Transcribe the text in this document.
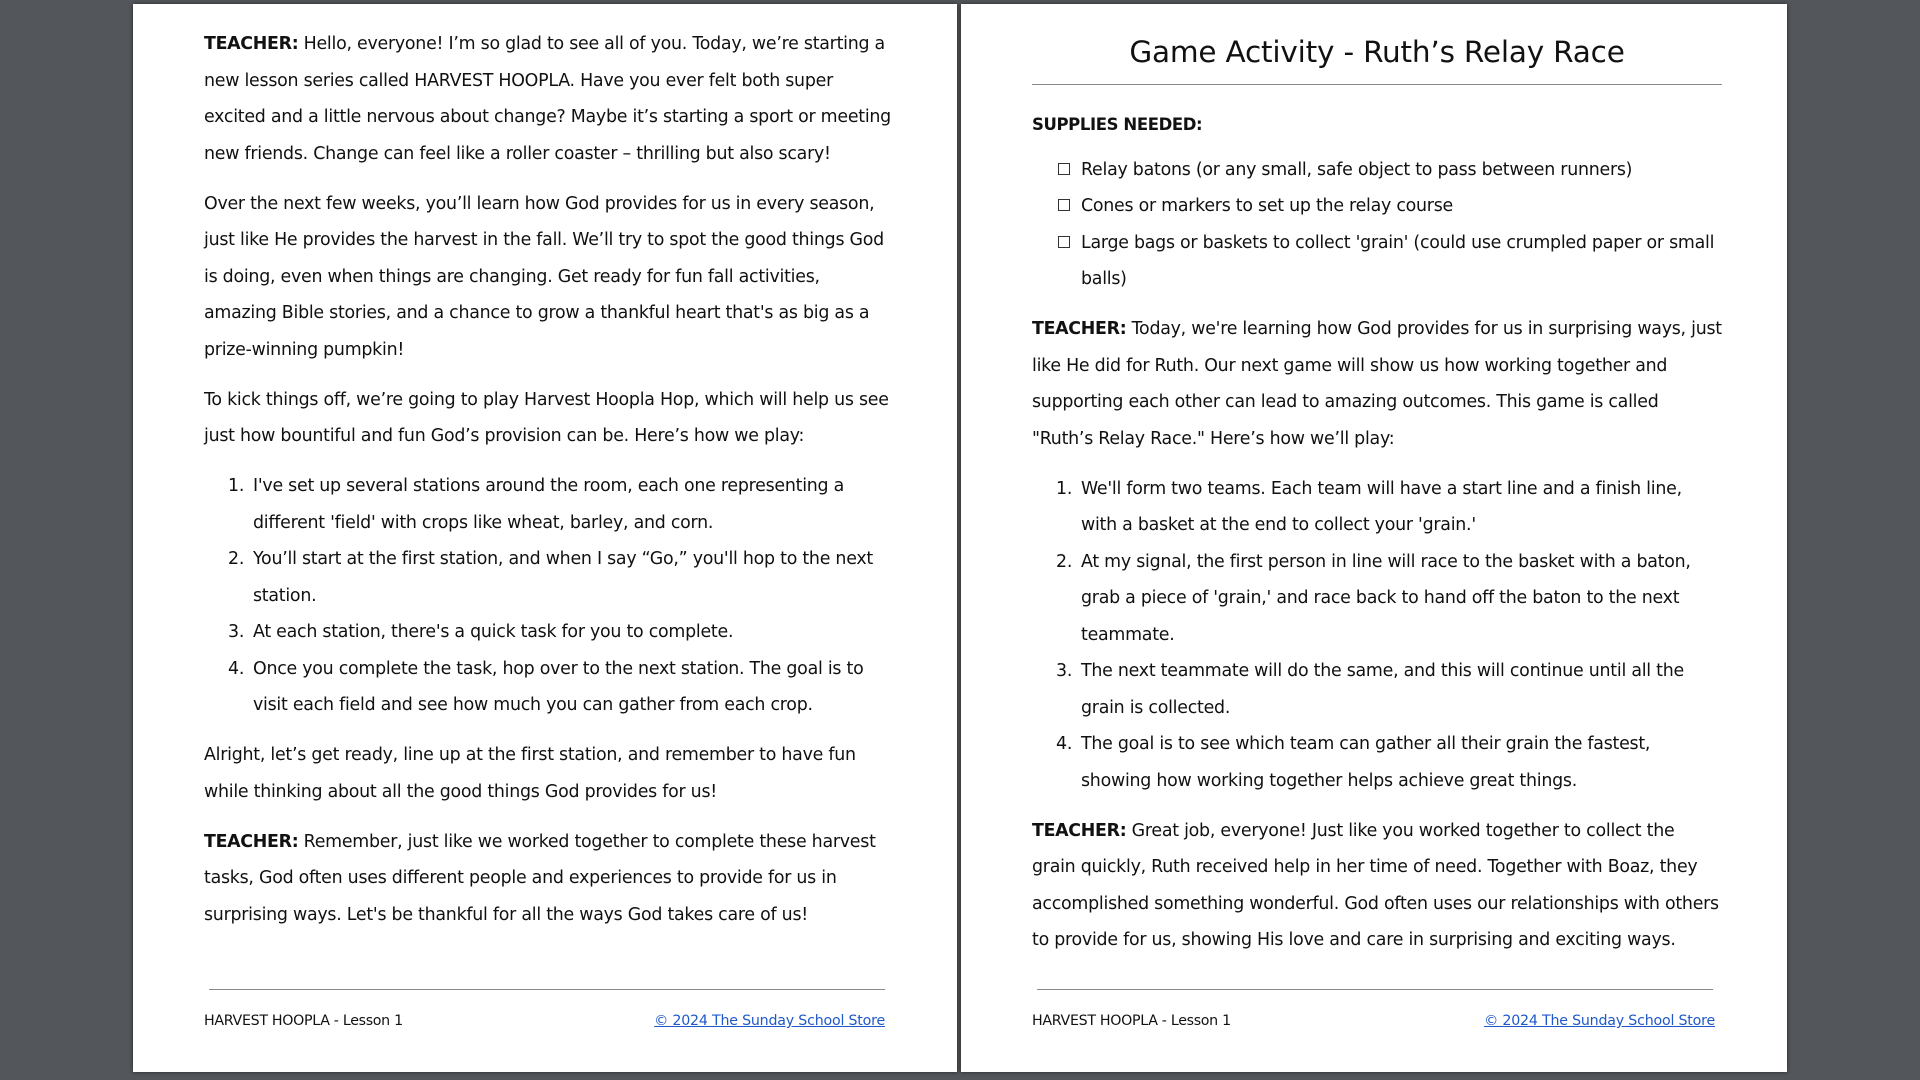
TEACHER: Hello, everyone! I’m so glad to see all of you. Today, we’re starting a new lesson series called HARVEST HOOPLA. Have you ever felt both super excited and a little nervous about change? Maybe it’s starting a sport or meeting new friends. Change can feel like a roller coaster – thrilling but also scary!

Over the next few weeks, you’ll learn how God provides for us in every season, just like He provides the harvest in the fall. We’ll try to spot the good things God is doing, even when things are changing. Get ready for fun fall activities, amazing Bible stories, and a chance to grow a thankful heart that's as big as a prize-winning pumpkin!

To kick things off, we’re going to play Harvest Hoopla Hop, which will help us see just how bountiful and fun God’s provision can be. Here’s how we play:

1. I've set up several stations around the room, each one representing a different 'field' with crops like wheat, barley, and corn.
2. You’ll start at the first station, and when I say “Go,” you'll hop to the next station.
3. At each station, there's a quick task for you to complete.
4. Once you complete the task, hop over to the next station. The goal is to visit each field and see how much you can gather from each crop.

Alright, let’s get ready, line up at the first station, and remember to have fun while thinking about all the good things God provides for us!

TEACHER: Remember, just like we worked together to complete these harvest tasks, God often uses different people and experiences to provide for us in surprising ways. Let's be thankful for all the ways God takes care of us!

HARVEST HOOPLA - Lesson 1	© 2024 The Sunday School Store
Game Activity - Ruth’s Relay Race

SUPPLIES NEEDED:

Relay batons (or any small, safe object to pass between runners)
Cones or markers to set up the relay course
Large bags or baskets to collect 'grain' (could use crumpled paper or small balls)

TEACHER: Today, we're learning how God provides for us in surprising ways, just like He did for Ruth. Our next game will show us how working together and supporting each other can lead to amazing outcomes. This game is called "Ruth’s Relay Race." Here’s how we’ll play:

1. We'll form two teams. Each team will have a start line and a finish line, with a basket at the end to collect your 'grain.'
2. At my signal, the first person in line will race to the basket with a baton, grab a piece of 'grain,' and race back to hand off the baton to the next teammate.
3. The next teammate will do the same, and this will continue until all the grain is collected.
4. The goal is to see which team can gather all their grain the fastest, showing how working together helps achieve great things.

TEACHER: Great job, everyone! Just like you worked together to collect the grain quickly, Ruth received help in her time of need. Together with Boaz, they accomplished something wonderful. God often uses our relationships with others to provide for us, showing His love and care in surprising and exciting ways.

HARVEST HOOPLA - Lesson 1	© 2024 The Sunday School Store
